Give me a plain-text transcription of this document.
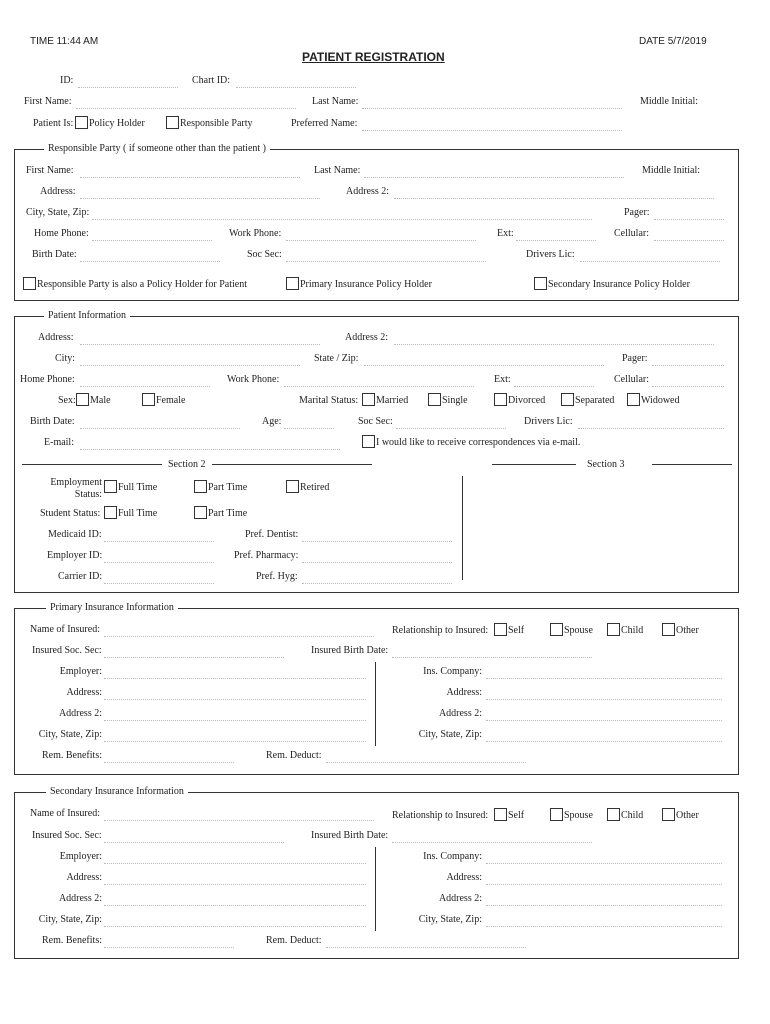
TIME 11:44 AM	DATE 5/7/2019
PATIENT REGISTRATION
ID:	Chart ID:
First Name:	Last Name:	Middle Initial:
Patient Is: Policy Holder	Responsible Party	Preferred Name:
Responsible Party ( if someone other than the patient )
First Name:	Last Name:	Middle Initial:
Address:	Address 2:
City, State, Zip:	Pager:
Home Phone:	Work Phone:	Ext:	Cellular:
Birth Date:	Soc Sec:	Drivers Lic:
Responsible Party is also a Policy Holder for Patient	Primary Insurance Policy Holder	Secondary Insurance Policy Holder
Patient Information
Address:	Address 2:
City:	State / Zip:	Pager:
Home Phone:	Work Phone:	Ext:	Cellular:
Sex: Male	Female	Marital Status: Married	Single	Divorced	Separated	Widowed
Birth Date:	Age:	Soc Sec:	Drivers Lic:
E-mail:	I would like to receive correspondences via e-mail.
Section 2	Section 3
Employment
Status:
Full Time	Part Time	Retired
Student Status: Full Time	Part Time
Medicaid ID:	Pref. Dentist:
Employer ID:	Pref. Pharmacy:
Carrier ID:	Pref. Hyg:
Primary Insurance Information
Name of Insured:	Relationship to Insured: Self	Spouse	Child	Other
Insured Soc. Sec:	Insured Birth Date:
Employer:	Ins. Company:
Address:	Address:
Address 2:	Address 2:
City, State, Zip:	City, State, Zip:
Rem. Benefits:	Rem. Deduct:
Secondary Insurance Information
Name of Insured:	Relationship to Insured: Self	Spouse	Child	Other
Insured Soc. Sec:	Insured Birth Date:
Employer:	Ins. Company:
Address:	Address:
Address 2:	Address 2:
City, State, Zip:	City, State, Zip:
Rem. Benefits:	Rem. Deduct:
